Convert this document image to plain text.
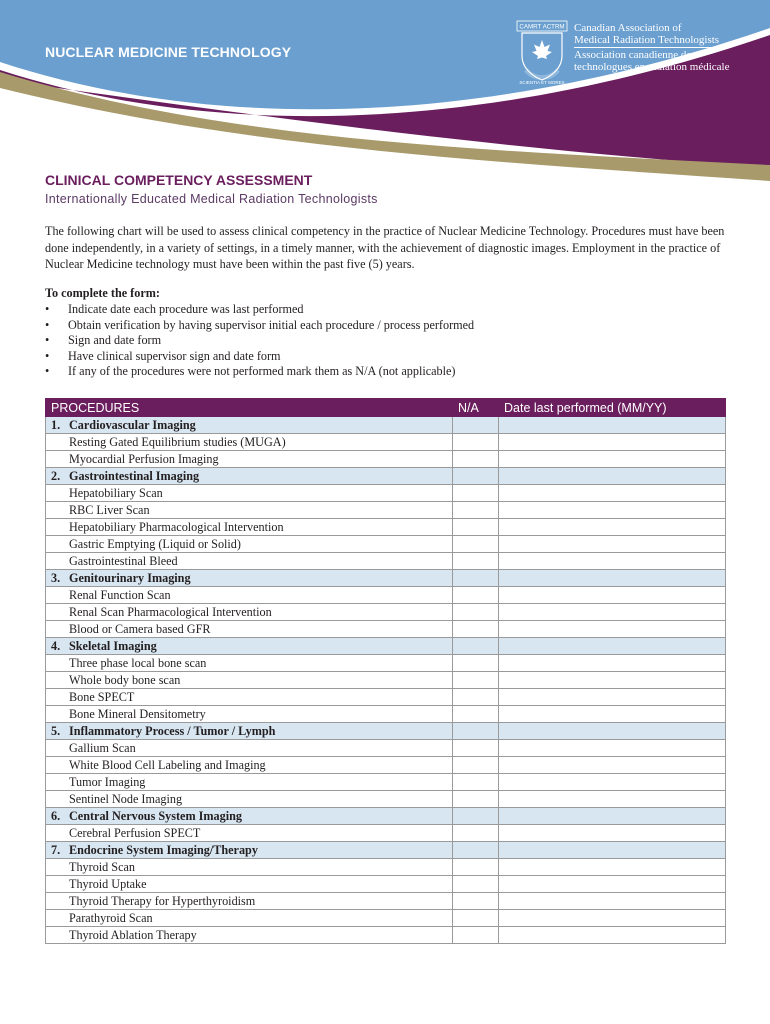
NUCLEAR MEDICINE TECHNOLOGY
CAMRT ACTRM
SCIENTIA ET MORES
Canadian Association of
Medical Radiation Technologists
Association canadienne des
technologues en radiation médicale
CLINICAL COMPETENCY ASSESSMENT
Internationally Educated Medical Radiation Technologists
The following chart will be used to assess clinical competency in the practice of Nuclear Medicine Technology. Procedures must have been done independently, in a variety of settings, in a timely manner, with the achievement of diagnostic images. Employment in the practice of Nuclear Medicine technology must have been within the past five (5) years.
To complete the form:
• Indicate date each procedure was last performed
• Obtain verification by having supervisor initial each procedure / process performed
• Sign and date form
• Have clinical supervisor sign and date form
• If any of the procedures were not performed mark them as N/A (not applicable)
PROCEDURES	N/A	Date last performed (MM/YY)
1. Cardiovascular Imaging		
Resting Gated Equilibrium studies (MUGA)		
Myocardial Perfusion Imaging		
2. Gastrointestinal Imaging		
Hepatobiliary Scan		
RBC Liver Scan		
Hepatobiliary Pharmacological Intervention		
Gastric Emptying (Liquid or Solid)		
Gastrointestinal Bleed		
3. Genitourinary Imaging		
Renal Function Scan		
Renal Scan Pharmacological Intervention		
Blood or Camera based GFR		
4. Skeletal Imaging		
Three phase local bone scan		
Whole body bone scan		
Bone SPECT		
Bone Mineral Densitometry		
5. Inflammatory Process / Tumor / Lymph		
Gallium Scan		
White Blood Cell Labeling and Imaging		
Tumor Imaging		
Sentinel Node Imaging		
6. Central Nervous System Imaging		
Cerebral Perfusion SPECT		
7. Endocrine System Imaging/Therapy		
Thyroid Scan		
Thyroid Uptake		
Thyroid Therapy for Hyperthyroidism		
Parathyroid Scan		
Thyroid Ablation Therapy		
